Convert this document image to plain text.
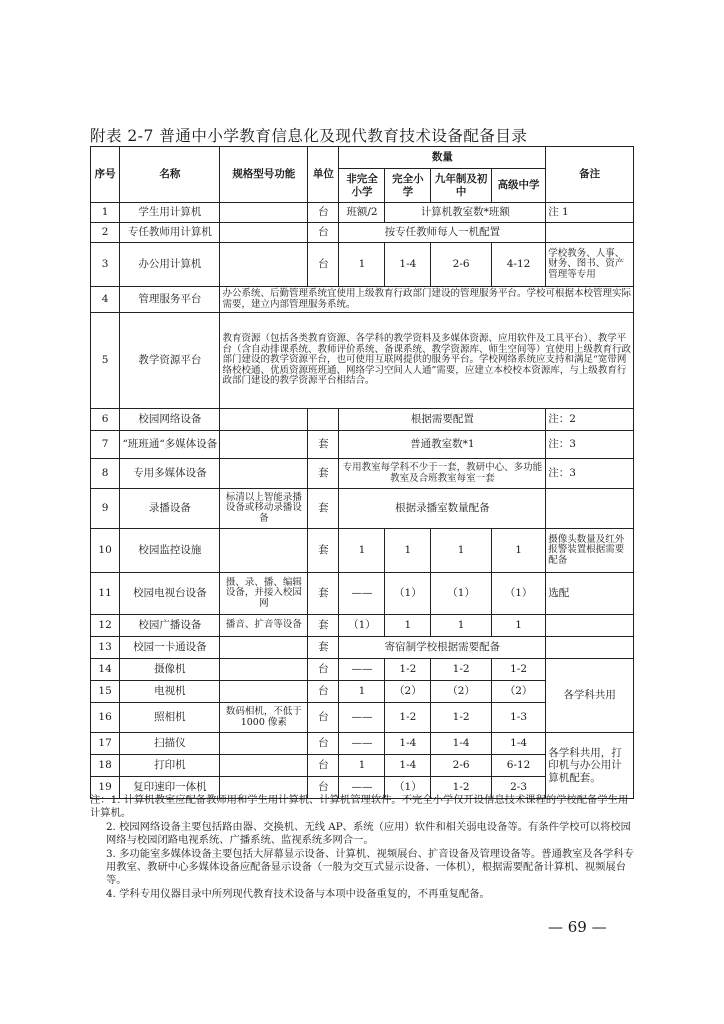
附表 2-7 普通中小学教育信息化及现代教育技术设备配备目录
序号	名称	规格型号功能	单位	数量				备注
				非完全小学	完全小学	九年制及初中	高级中学	
1	学生用计算机		台	班额/2	计算机教室数*班额			注 1
2	专任教师用计算机		台	按专任教师每人一机配置				
3	办公用计算机		台	1	1-4	2-6	4-12	学校教务、人事、财务、图书、资产管理等专用
4	管理服务平台	办公系统、后勤管理系统宜使用上级教育行政部门建设的管理服务平台。学校可根据本校管理实际需要，建立内部管理服务系统。						
5	教学资源平台	教育资源（包括各类教育资源、各学科的教学资料及多媒体资源、应用软件及工具平台）、教学平台（含自动排课系统、教师评价系统、备课系统、教学资源库、师生空间等）宜使用上级教育行政部门建设的教学资源平台，也可使用互联网提供的服务平台。学校网络系统应支持和满足“宽带网络校校通、优质资源班班通、网络学习空间人人通”需要，应建立本校校本资源库，与上级教育行政部门建设的教学资源平台相结合。						
6	校园网络设备			根据需要配置				注：2
7	“班班通“多媒体设备		套	普通教室数*1				注：3
8	专用多媒体设备		套	专用教室每学科不少于一套，教研中心、多功能教室及合班教室每室一套				注：3
9	录播设备	标清以上智能录播设备或移动录播设备	套	根据录播室数量配备				
10	校园监控设施		套	1	1	1	1	摄像头数量及红外报警装置根据需要配备
11	校园电视台设备	摄、录、播、编辑设备，并接入校园网	套	——	（1）	（1）	（1）	选配
12	校园广播设备	播音、扩音等设备	套	（1）	1	1	1	
13	校园一卡通设备		套	寄宿制学校根据需要配备				
14	摄像机		台	——	1-2	1-2	1-2	各学科共用
15	电视机		台	1	（2）	（2）	（2）	
16	照相机	数码相机，不低于 1000 像素	台	——	1-2	1-2	1-3	
17	扫描仪		台	——	1-4	1-4	1-4	各学科共用，打印机与办公用计算机配套。
18	打印机		台	1	1-4	2-6	6-12	
19	复印速印一体机		台	——	（1）	1-2	2-3	
注：1. 计算机教室应配备教师用和学生用计算机、计算机管理软件。不完全小学仅开设信息技术课程的学校配备学生用计算机。
2. 校园网络设备主要包括路由器、交换机、无线 AP、系统（应用）软件和相关弱电设备等。有条件学校可以将校园网络与校园闭路电视系统、广播系统、监视系统多网合一。
3. 多功能室多媒体设备主要包括大屏幕显示设备、计算机、视频展台、扩音设备及管理设备等。普通教室及各学科专用教室、教研中心多媒体设备应配备显示设备（一般为交互式显示设备、一体机），根据需要配备计算机、视频展台等。
4. 学科专用仪器目录中所列现代教育技术设备与本项中设备重复的，不再重复配备。
— 69 —
